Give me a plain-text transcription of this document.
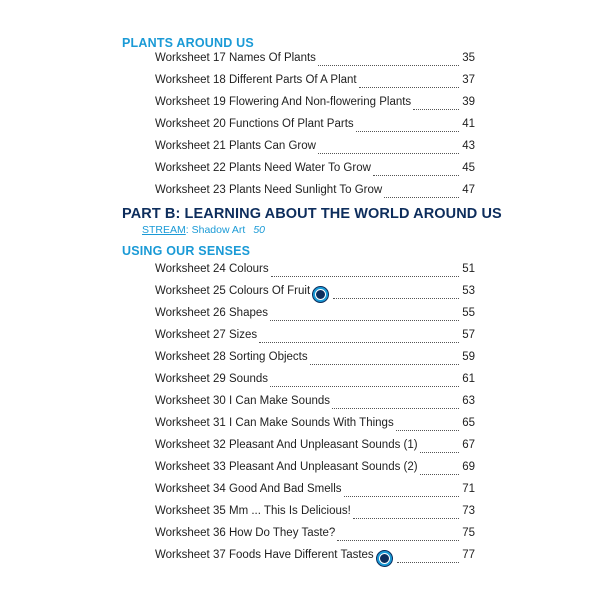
PLANTS AROUND US
Worksheet 17 Names Of Plants	35
Worksheet 18 Different Parts Of A Plant	37
Worksheet 19 Flowering And Non-flowering Plants	39
Worksheet 20 Functions Of Plant Parts	41
Worksheet 21 Plants Can Grow	43
Worksheet 22 Plants Need Water To Grow	45
Worksheet 23 Plants Need Sunlight To Grow	47
PART B: LEARNING ABOUT THE WORLD AROUND US
STREAM: Shadow Art 50
USING OUR SENSES
Worksheet 24 Colours	51
Worksheet 25 Colours Of Fruit	53
Worksheet 26 Shapes	55
Worksheet 27 Sizes	57
Worksheet 28 Sorting Objects	59
Worksheet 29 Sounds	61
Worksheet 30 I Can Make Sounds	63
Worksheet 31 I Can Make Sounds With Things	65
Worksheet 32 Pleasant And Unpleasant Sounds (1)	67
Worksheet 33 Pleasant And Unpleasant Sounds (2)	69
Worksheet 34 Good And Bad Smells	71
Worksheet 35 Mm ... This Is Delicious!	73
Worksheet 36 How Do They Taste?	75
Worksheet 37 Foods Have Different Tastes	77
